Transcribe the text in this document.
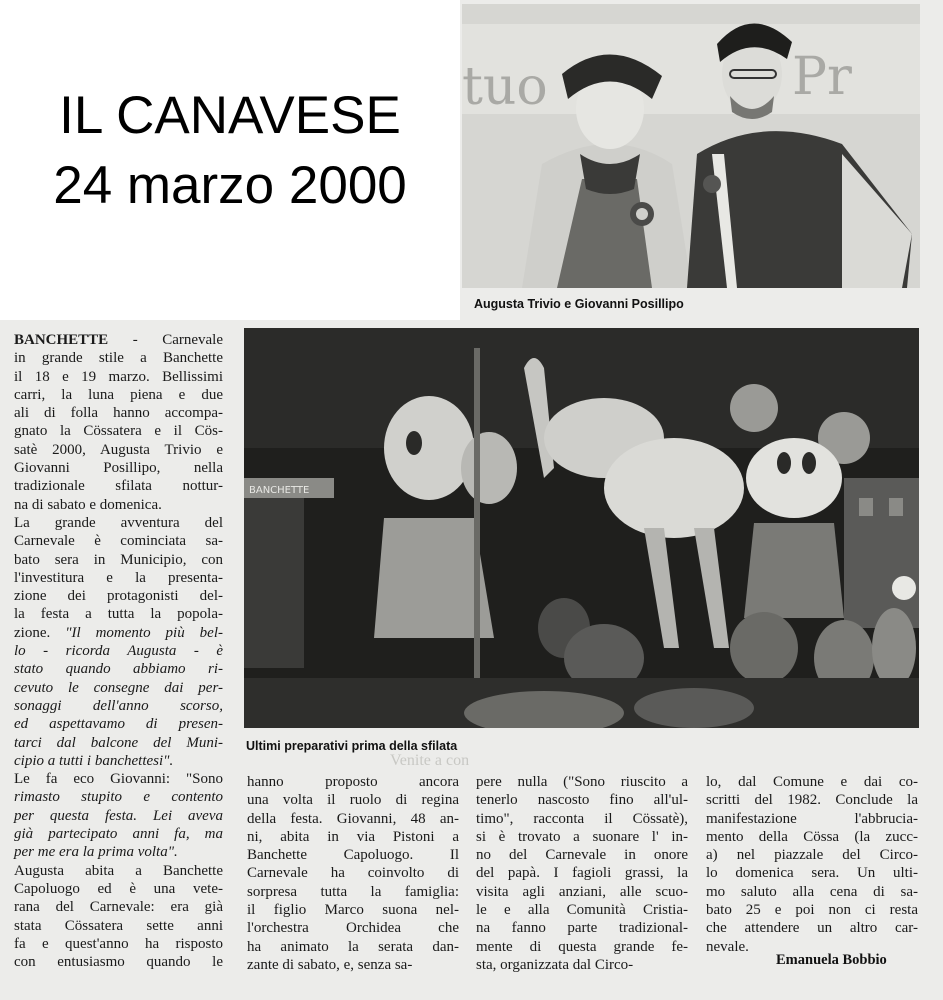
IL CANAVESE
24 marzo 2000
Pr
tuo
Augusta Trivio e Giovanni Posillipo
BANCHETTE
Ultimi preparativi prima della sfilata
Venite a con
BANCHETTE - Carnevale
in grande stile a Banchette
il 18 e 19 marzo. Bellissimi
carri, la luna piena e due
ali di folla hanno accompa-
gnato la Cössatera e il Cös-
satè 2000, Augusta Trivio e
Giovanni Posillipo, nella
tradizionale sfilata nottur-
na di sabato e domenica.
La grande avventura del
Carnevale è cominciata sa-
bato sera in Municipio, con
l'investitura e la presenta-
zione dei protagonisti del-
la festa a tutta la popola-
zione. "Il momento più bel-
lo - ricorda Augusta - è
stato quando abbiamo ri-
cevuto le consegne dai per-
sonaggi dell'anno scorso,
ed aspettavamo di presen-
tarci dal balcone del Muni-
cipio a tutti i banchettesi".
Le fa eco Giovanni: "Sono
rimasto stupito e contento
per questa festa. Lei aveva
già partecipato anni fa, ma
per me era la prima volta".
Augusta abita a Banchette
Capoluogo ed è una vete-
rana del Carnevale: era già
stata Cössatera sette anni
fa e quest'anno ha risposto
con entusiasmo quando le
hanno proposto ancora
una volta il ruolo di regina
della festa. Giovanni, 48 an-
ni, abita in via Pistoni a
Banchette Capoluogo. Il
Carnevale ha coinvolto di
sorpresa tutta la famiglia:
il figlio Marco suona nel-
l'orchestra Orchidea che
ha animato la serata dan-
zante di sabato, e, senza sa-
pere nulla ("Sono riuscito a
tenerlo nascosto fino all'ul-
timo", racconta il Cössatè),
si è trovato a suonare l' in-
no del Carnevale in onore
del papà. I fagioli grassi, la
visita agli anziani, alle scuo-
le e alla Comunità Cristia-
na fanno parte tradizional-
mente di questa grande fe-
sta, organizzata dal Circo-
lo, dal Comune e dai co-
scritti del 1982. Conclude la
manifestazione l'abbrucia-
mento della Cössa (la zucc-
a) nel piazzale del Circo-
lo domenica sera. Un ulti-
mo saluto alla cena di sa-
bato 25 e poi non ci resta
che attendere un altro car-
nevale.
Emanuela Bobbio
